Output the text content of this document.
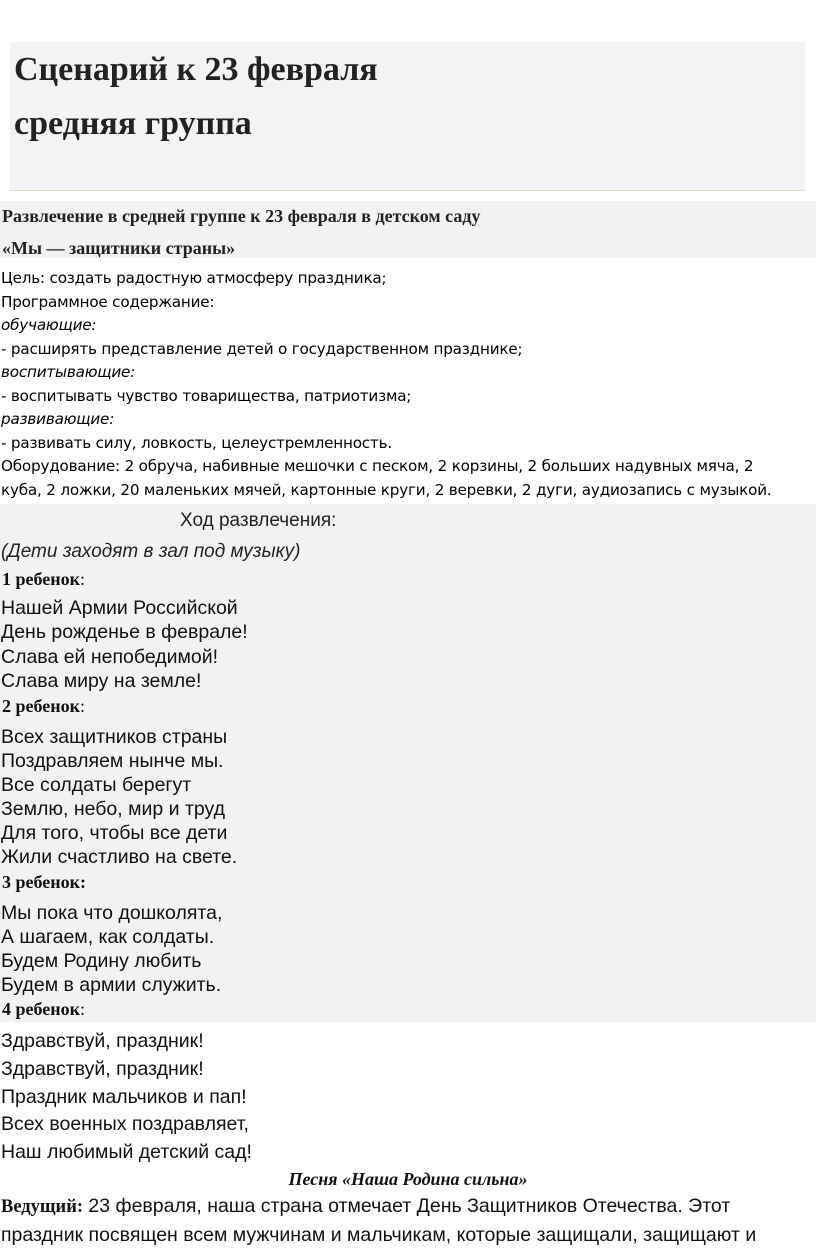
Сценарий к 23 февраля
средняя группа
Развлечение в средней группе к 23 февраля в детском саду
«Мы — защитники страны»
Цель: создать радостную атмосферу праздника;
Программное содержание:
обучающие:
- расширять представление детей о государственном празднике;
воспитывающие:
- воспитывать чувство товарищества, патриотизма;
развивающие:
- развивать силу, ловкость, целеустремленность.
Оборудование: 2 обруча, набивные мешочки с песком, 2 корзины, 2 больших надувных мяча, 2
куба, 2 ложки, 20 маленьких мячей, картонные круги, 2 веревки, 2 дуги, аудиозапись с музыкой.
Ход развлечения:
(Дети заходят в зал под музыку)
1 ребенок:
Нашей Армии Российской
День рожденье в феврале!
Слава ей непобедимой!
Слава миру на земле!
2 ребенок:
Всех защитников страны
Поздравляем нынче мы.
Все солдаты берегут
Землю, небо, мир и труд
Для того, чтобы все дети
Жили счастливо на свете.
3 ребенок:
Мы пока что дошколята,
А шагаем, как солдаты.
Будем Родину любить
Будем в армии служить.
4 ребенок:
Здравствуй, праздник!
Здравствуй, праздник!
Праздник мальчиков и пап!
Всех военных поздравляет,
Наш любимый детский сад!
Песня «Наша Родина сильна»
Ведущий: 23 февраля, наша страна отмечает День Защитников Отечества. Этот
праздник посвящен всем мужчинам и мальчикам, которые защищали, защищают и
